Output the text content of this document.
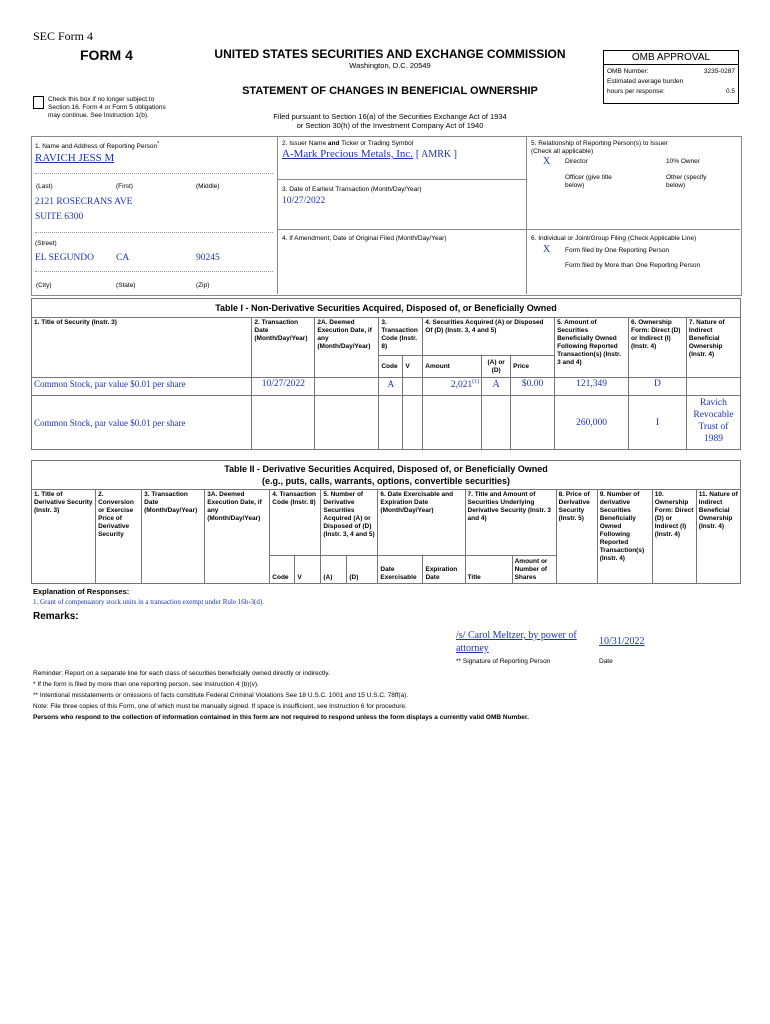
SEC Form 4
FORM 4	UNITED STATES SECURITIES AND EXCHANGE COMMISSION
Washington, D.C. 20549
STATEMENT OF CHANGES IN BENEFICIAL OWNERSHIP
Check this box if no longer subject to
Section 16. Form 4 or Form 5 obligations
may continue. See Instruction 1(b).	Filed pursuant to Section 16(a) of the Securities Exchange Act of 1934
or Section 30(h) of the Investment Company Act of 1940
OMB APPROVAL
OMB Number:	3235-0287
Estimated average burden
hours per response:	0.5
1. Name and Address of Reporting Person*
RAVICH JESS M
(Last)	(First)	(Middle)
2121 ROSECRANS AVE
SUITE 6300
(Street)
EL SEGUNDO CA	90245
(City)	(State)	(Zip)
2. Issuer Name and Ticker or Trading Symbol
A-Mark Precious Metals, Inc. [ AMRK ]
3. Date of Earliest Transaction (Month/Day/Year)
10/27/2022
4. If Amendment, Date of Original Filed (Month/Day/Year)
5. Relationship of Reporting Person(s) to Issuer
(Check all applicable)
X Director	10% Owner
Officer (give title
below)
Other (specify
below)
6. Individual or Joint/Group Filing (Check Applicable Line)
X Form filed by One Reporting Person
Form filed by More than One Reporting Person
Table I - Non-Derivative Securities Acquired, Disposed of, or Beneficially Owned										
1. Title of Security (Instr. 3)	2. Transaction Date (Month/Day/Year)	2A. Deemed Execution Date, if any (Month/Day/Year)	3. Transaction Code (Instr. 8)		4. Securities Acquired (A) or Disposed Of (D) (Instr. 3, 4 and 5)			5. Amount of Securities Beneficially Owned Following Reported Transaction(s) (Instr. 3 and 4)	6. Ownership Form: Direct (D) or Indirect (I) (Instr. 4)	7. Nature of Indirect Beneficial Ownership (Instr. 4)
			Code	V	Amount	(A) or (D)	Price			
Common Stock, par value $0.01 per share	10/27/2022		A		2,021$^{(1)}$	A	$0.00	121,349	D	
Common Stock, par value $0.01 per share								260,000	I	Ravich Revocable Trust of 1989
Table II - Derivative Securities Acquired, Disposed of, or Beneficially Owned
(e.g., puts, calls, warrants, options, convertible securities)															

1. Title of Derivative Security (Instr. 3)	2. Conversion or Exercise Price of Derivative Security	3. Transaction Date (Month/Day/Year)	3A. Deemed Execution Date, if any (Month/Day/Year)	4. Transaction Code (Instr. 8)		5. Number of Derivative Securities Acquired (A) or Disposed of (D) (Instr. 3, 4 and 5)		6. Date Exercisable and Expiration Date (Month/Day/Year)		7. Title and Amount of Securities Underlying Derivative Security (Instr. 3 and 4)		8. Price of Derivative Security (Instr. 5)	9. Number of derivative Securities Beneficially Owned Following Reported Transaction(s) (Instr. 4)	10. Ownership Form: Direct (D) or Indirect (I) (Instr. 4)	11. Nature of Indirect Beneficial Ownership (Instr. 4)
				Code	V	(A)	(D)	Date Exercisable	Expiration Date	Title	Amount or Number of Shares				
Explanation of Responses:
1. Grant of compensatory stock units in a transaction exempt under Rule 16b-3(d).
Remarks:
/s/ Carol Meltzer, by power of attorney
10/31/2022
** Signature of Reporting Person	Date
Reminder: Report on a separate line for each class of securities beneficially owned directly or indirectly.
* If the form is filed by more than one reporting person, see Instruction 4 (b)(v).
** Intentional misstatements or omissions of facts constitute Federal Criminal Violations See 18 U.S.C. 1001 and 15 U.S.C. 78ff(a).
Note: File three copies of this Form, one of which must be manually signed. If space is insufficient, see Instruction 6 for procedure.
Persons who respond to the collection of information contained in this form are not required to respond unless the form displays a currently valid OMB Number.
